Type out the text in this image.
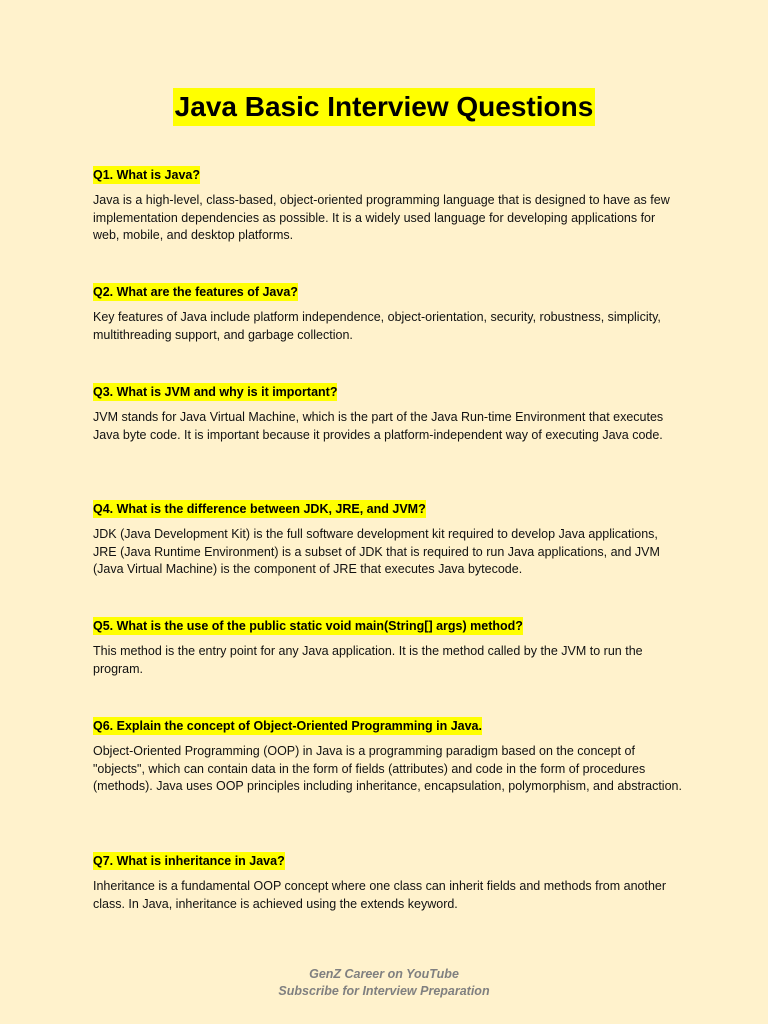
Java Basic Interview Questions
Q1. What is Java?
Java is a high-level, class-based, object-oriented programming language that is designed to have as few implementation dependencies as possible. It is a widely used language for developing applications for web, mobile, and desktop platforms.
Q2. What are the features of Java?
Key features of Java include platform independence, object-orientation, security, robustness, simplicity, multithreading support, and garbage collection.
Q3. What is JVM and why is it important?
JVM stands for Java Virtual Machine, which is the part of the Java Run-time Environment that executes Java byte code. It is important because it provides a platform-independent way of executing Java code.
Q4. What is the difference between JDK, JRE, and JVM?
JDK (Java Development Kit) is the full software development kit required to develop Java applications, JRE (Java Runtime Environment) is a subset of JDK that is required to run Java applications, and JVM (Java Virtual Machine) is the component of JRE that executes Java bytecode.
Q5. What is the use of the public static void main(String[] args) method?
This method is the entry point for any Java application. It is the method called by the JVM to run the program.
Q6. Explain the concept of Object-Oriented Programming in Java.
Object-Oriented Programming (OOP) in Java is a programming paradigm based on the concept of "objects", which can contain data in the form of fields (attributes) and code in the form of procedures (methods). Java uses OOP principles including inheritance, encapsulation, polymorphism, and abstraction.
Q7. What is inheritance in Java?
Inheritance is a fundamental OOP concept where one class can inherit fields and methods from another class. In Java, inheritance is achieved using the extends keyword.
GenZ Career on YouTube
Subscribe for Interview Preparation
